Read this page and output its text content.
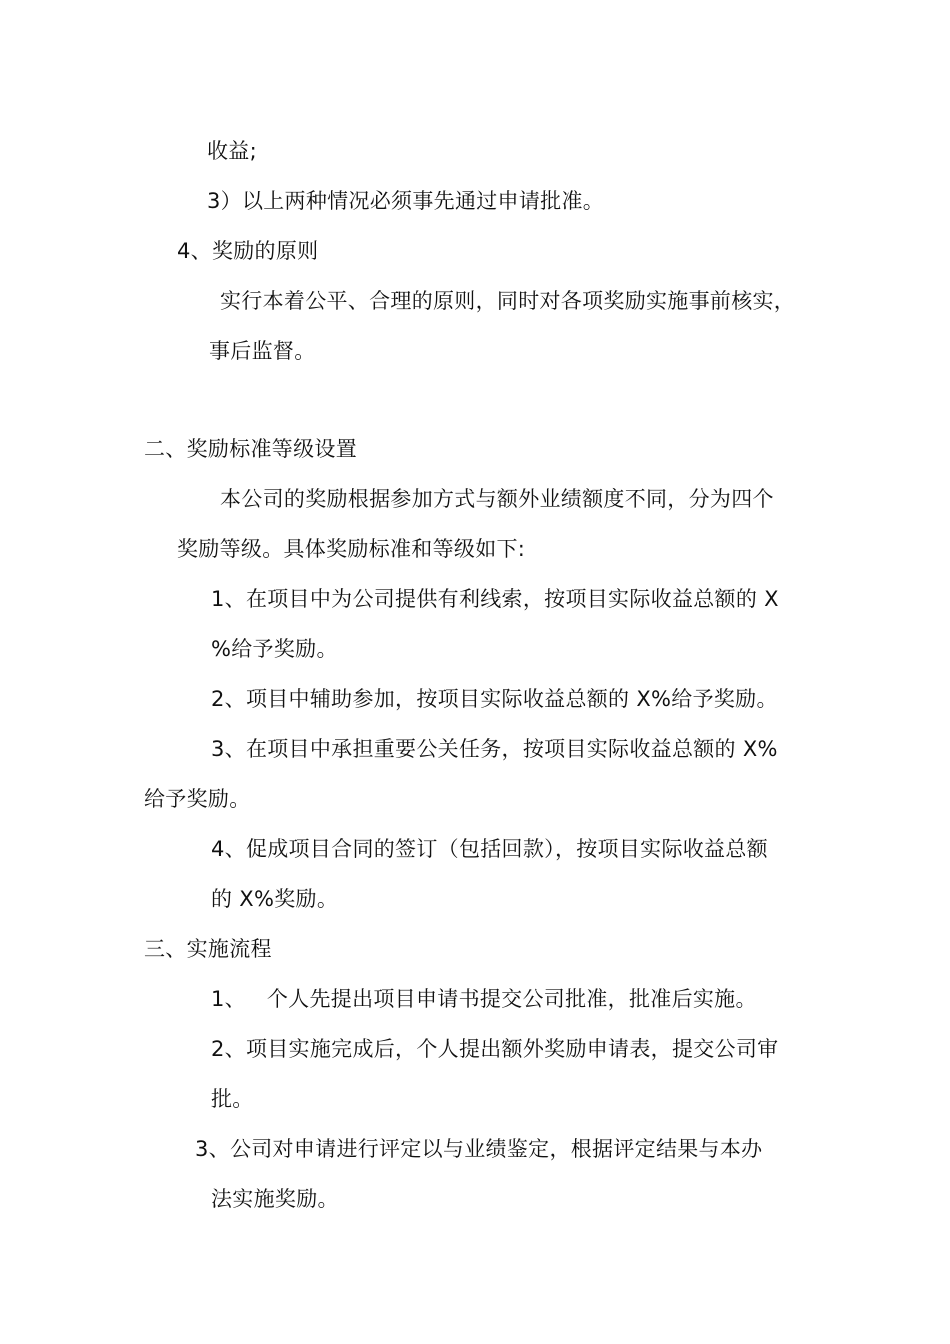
收益;
3）以上两种情况必须事先通过申请批准。
4、奖励的原则
实行本着公平、合理的原则，同时对各项奖励实施事前核实，
事后监督。
二、奖励标准等级设置
本公司的奖励根据参加方式与额外业绩额度不同，分为四个
奖励等级。具体奖励标准和等级如下:
1、在项目中为公司提供有利线索，按项目实际收益总额的 X
%给予奖励。
2、项目中辅助参加，按项目实际收益总额的 X%给予奖励。
3、在项目中承担重要公关任务，按项目实际收益总额的 X%
给予奖励。
4、促成项目合同的签订（包括回款），按项目实际收益总额
的 X%奖励。
三、实施流程
1、   个人先提出项目申请书提交公司批准，批准后实施。
2、项目实施完成后，个人提出额外奖励申请表，提交公司审
批。
3、公司对申请进行评定以与业绩鉴定，根据评定结果与本办
法实施奖励。
